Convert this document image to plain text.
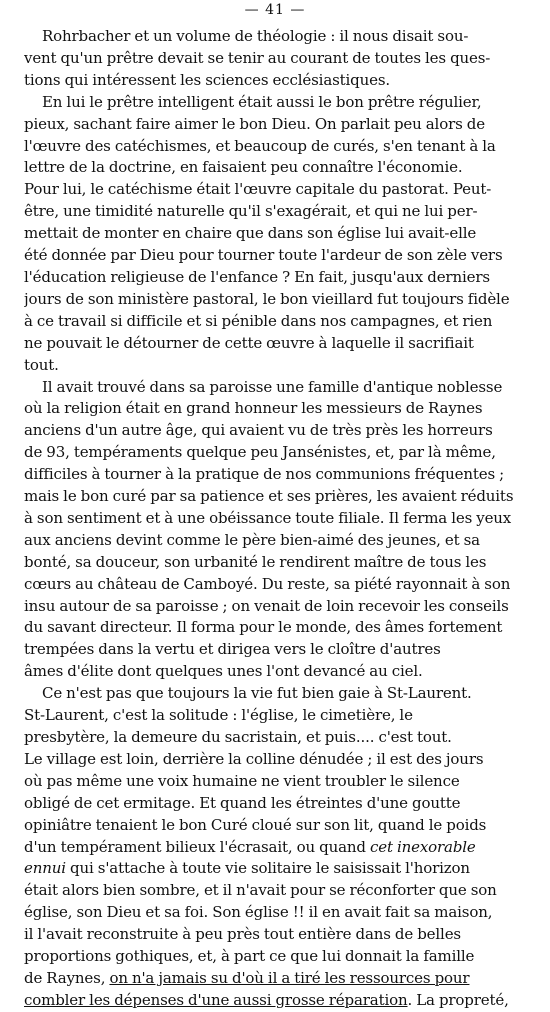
— 41 —

Rohrbacher et un volume de théologie : il nous disait sou-
vent qu'un prêtre devait se tenir au courant de toutes les ques-
tions qui intéressent les sciences ecclésiastiques.

En lui le prêtre intelligent était aussi le bon prêtre régulier,
pieux, sachant faire aimer le bon Dieu. On parlait peu alors de
l'œuvre des catéchismes, et beaucoup de curés, s'en tenant à la
lettre de la doctrine, en faisaient peu connaître l'économie.
Pour lui, le catéchisme était l'œuvre capitale du pastorat. Peut-
être, une timidité naturelle qu'il s'exagérait, et qui ne lui per-
mettait de monter en chaire que dans son église lui avait-elle
été donnée par Dieu pour tourner toute l'ardeur de son zèle vers
l'éducation religieuse de l'enfance ? En fait, jusqu'aux derniers
jours de son ministère pastoral, le bon vieillard fut toujours fidèle
à ce travail si difficile et si pénible dans nos campagnes, et rien
ne pouvait le détourner de cette œuvre à laquelle il sacrifiait
tout.

Il avait trouvé dans sa paroisse une famille d'antique noblesse
où la religion était en grand honneur les messieurs de Raynes
anciens d'un autre âge, qui avaient vu de très près les horreurs
de 93, tempéraments quelque peu Jansénistes, et, par là même,
difficiles à tourner à la pratique de nos communions fréquentes ;
mais le bon curé par sa patience et ses prières, les avaient réduits
à son sentiment et à une obéissance toute filiale. Il ferma les yeux
aux anciens devint comme le père bien-aimé des jeunes, et sa
bonté, sa douceur, son urbanité le rendirent maître de tous les
cœurs au château de Camboyé. Du reste, sa piété rayonnait à son
insu autour de sa paroisse ; on venait de loin recevoir les conseils
du savant directeur. Il forma pour le monde, des âmes fortement
trempées dans la vertu et dirigea vers le cloître d'autres
âmes d'élite dont quelques unes l'ont devancé au ciel.

Ce n'est pas que toujours la vie fut bien gaie à St-Laurent.
St-Laurent, c'est la solitude : l'église, le cimetière, le
presbytère, la demeure du sacristain, et puis.... c'est tout.
Le village est loin, derrière la colline dénudée ; il est des jours
où pas même une voix humaine ne vient troubler le silence
obligé de cet ermitage. Et quand les étreintes d'une goutte
opiniâtre tenaient le bon Curé cloué sur son lit, quand le poids
d'un tempérament bilieux l'écrasait, ou quand cet inexorable
ennui qui s'attache à toute vie solitaire le saisissait l'horizon
était alors bien sombre, et il n'avait pour se réconforter que son
église, son Dieu et sa foi. Son église !! il en avait fait sa maison,
il l'avait reconstruite à peu près tout entière dans de belles
proportions gothiques, et, à part ce que lui donnait la famille
de Raynes, on n'a jamais su d'où il a tiré les ressources pour
combler les dépenses d'une aussi grosse réparation. La propreté,
